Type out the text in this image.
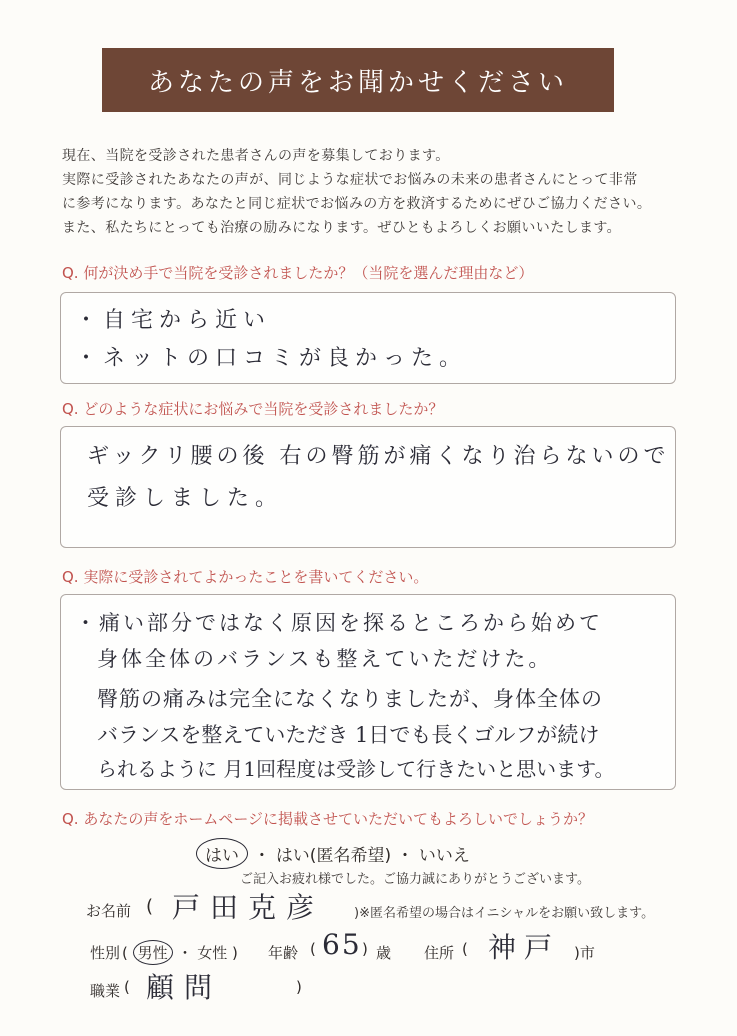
あなたの声をお聞かせください
現在、当院を受診された患者さんの声を募集しております。
実際に受診されたあなたの声が、同じような症状でお悩みの未来の患者さんにとって非常
に参考になります。あなたと同じ症状でお悩みの方を救済するためにぜひご協力ください。
また、私たちにとっても治療の励みになります。ぜひともよろしくお願いいたします。
Q. 何が決め手で当院を受診されましたか？（当院を選んだ理由など）
・自宅から近い
・ネットの口コミが良かった。
Q. どのような症状にお悩みで当院を受診されましたか？
ギックリ腰の後 右の臀筋が痛くなり治らないので
受診しました。
Q. 実際に受診されてよかったことを書いてください。
・痛い部分ではなく原因を探るところから始めて
身体全体のバランスも整えていただけた。
臀筋の痛みは完全になくなりましたが、身体全体の
バランスを整えていただき 1日でも長くゴルフが続け
られるように 月1回程度は受診して行きたいと思います。
Q. あなたの声をホームページに掲載させていただいてもよろしいでしょうか？
はい ・ はい(匿名希望) ・ いいえ
ご記入お疲れ様でした。ご協力誠にありがとうございます。
お名前 ( 戸田克彦 )※匿名希望の場合はイニシャルをお願い致します。
性別 ( 男性 ・ 女性 ) 年齢 ( 65 ) 歳 住所 ( 神戸 )市
職業 ( 顧問	)
